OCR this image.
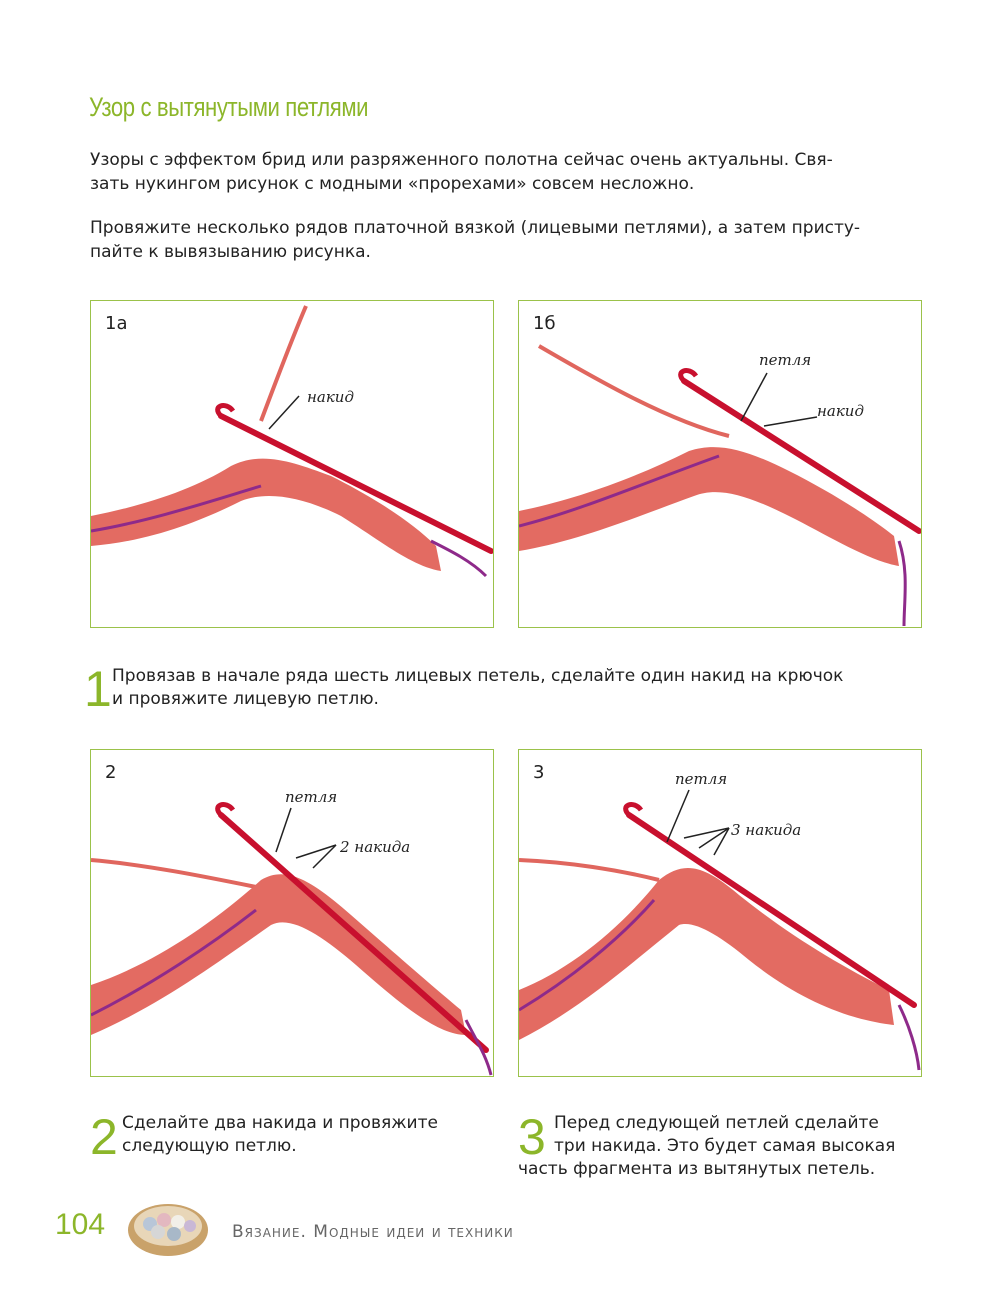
Узор с вытянутыми петлями
Узоры с эффектом брид или разряженного полотна сейчас очень актуальны. Свя-
зать нукингом рисунок с модными «прорехами» совсем несложно.
Провяжите несколько рядов платочной вязкой (лицевыми петлями), а затем присту-
пайте к вывязыванию рисунка.
1а
накид
1б
петля
накид
1 Провязав в начале ряда шесть лицевых петель, сделайте один накид на крючок
и провяжите лицевую петлю.
2
петля
2 накида
3	петля
3 накида
2 Сделайте два накида и провяжите
следующую петлю.	3 Перед следующей петлей сделайте
три накида. Это будет самая высокая
часть фрагмента из вытянутых петель.
104	Вязание. Модные идеи и техники
